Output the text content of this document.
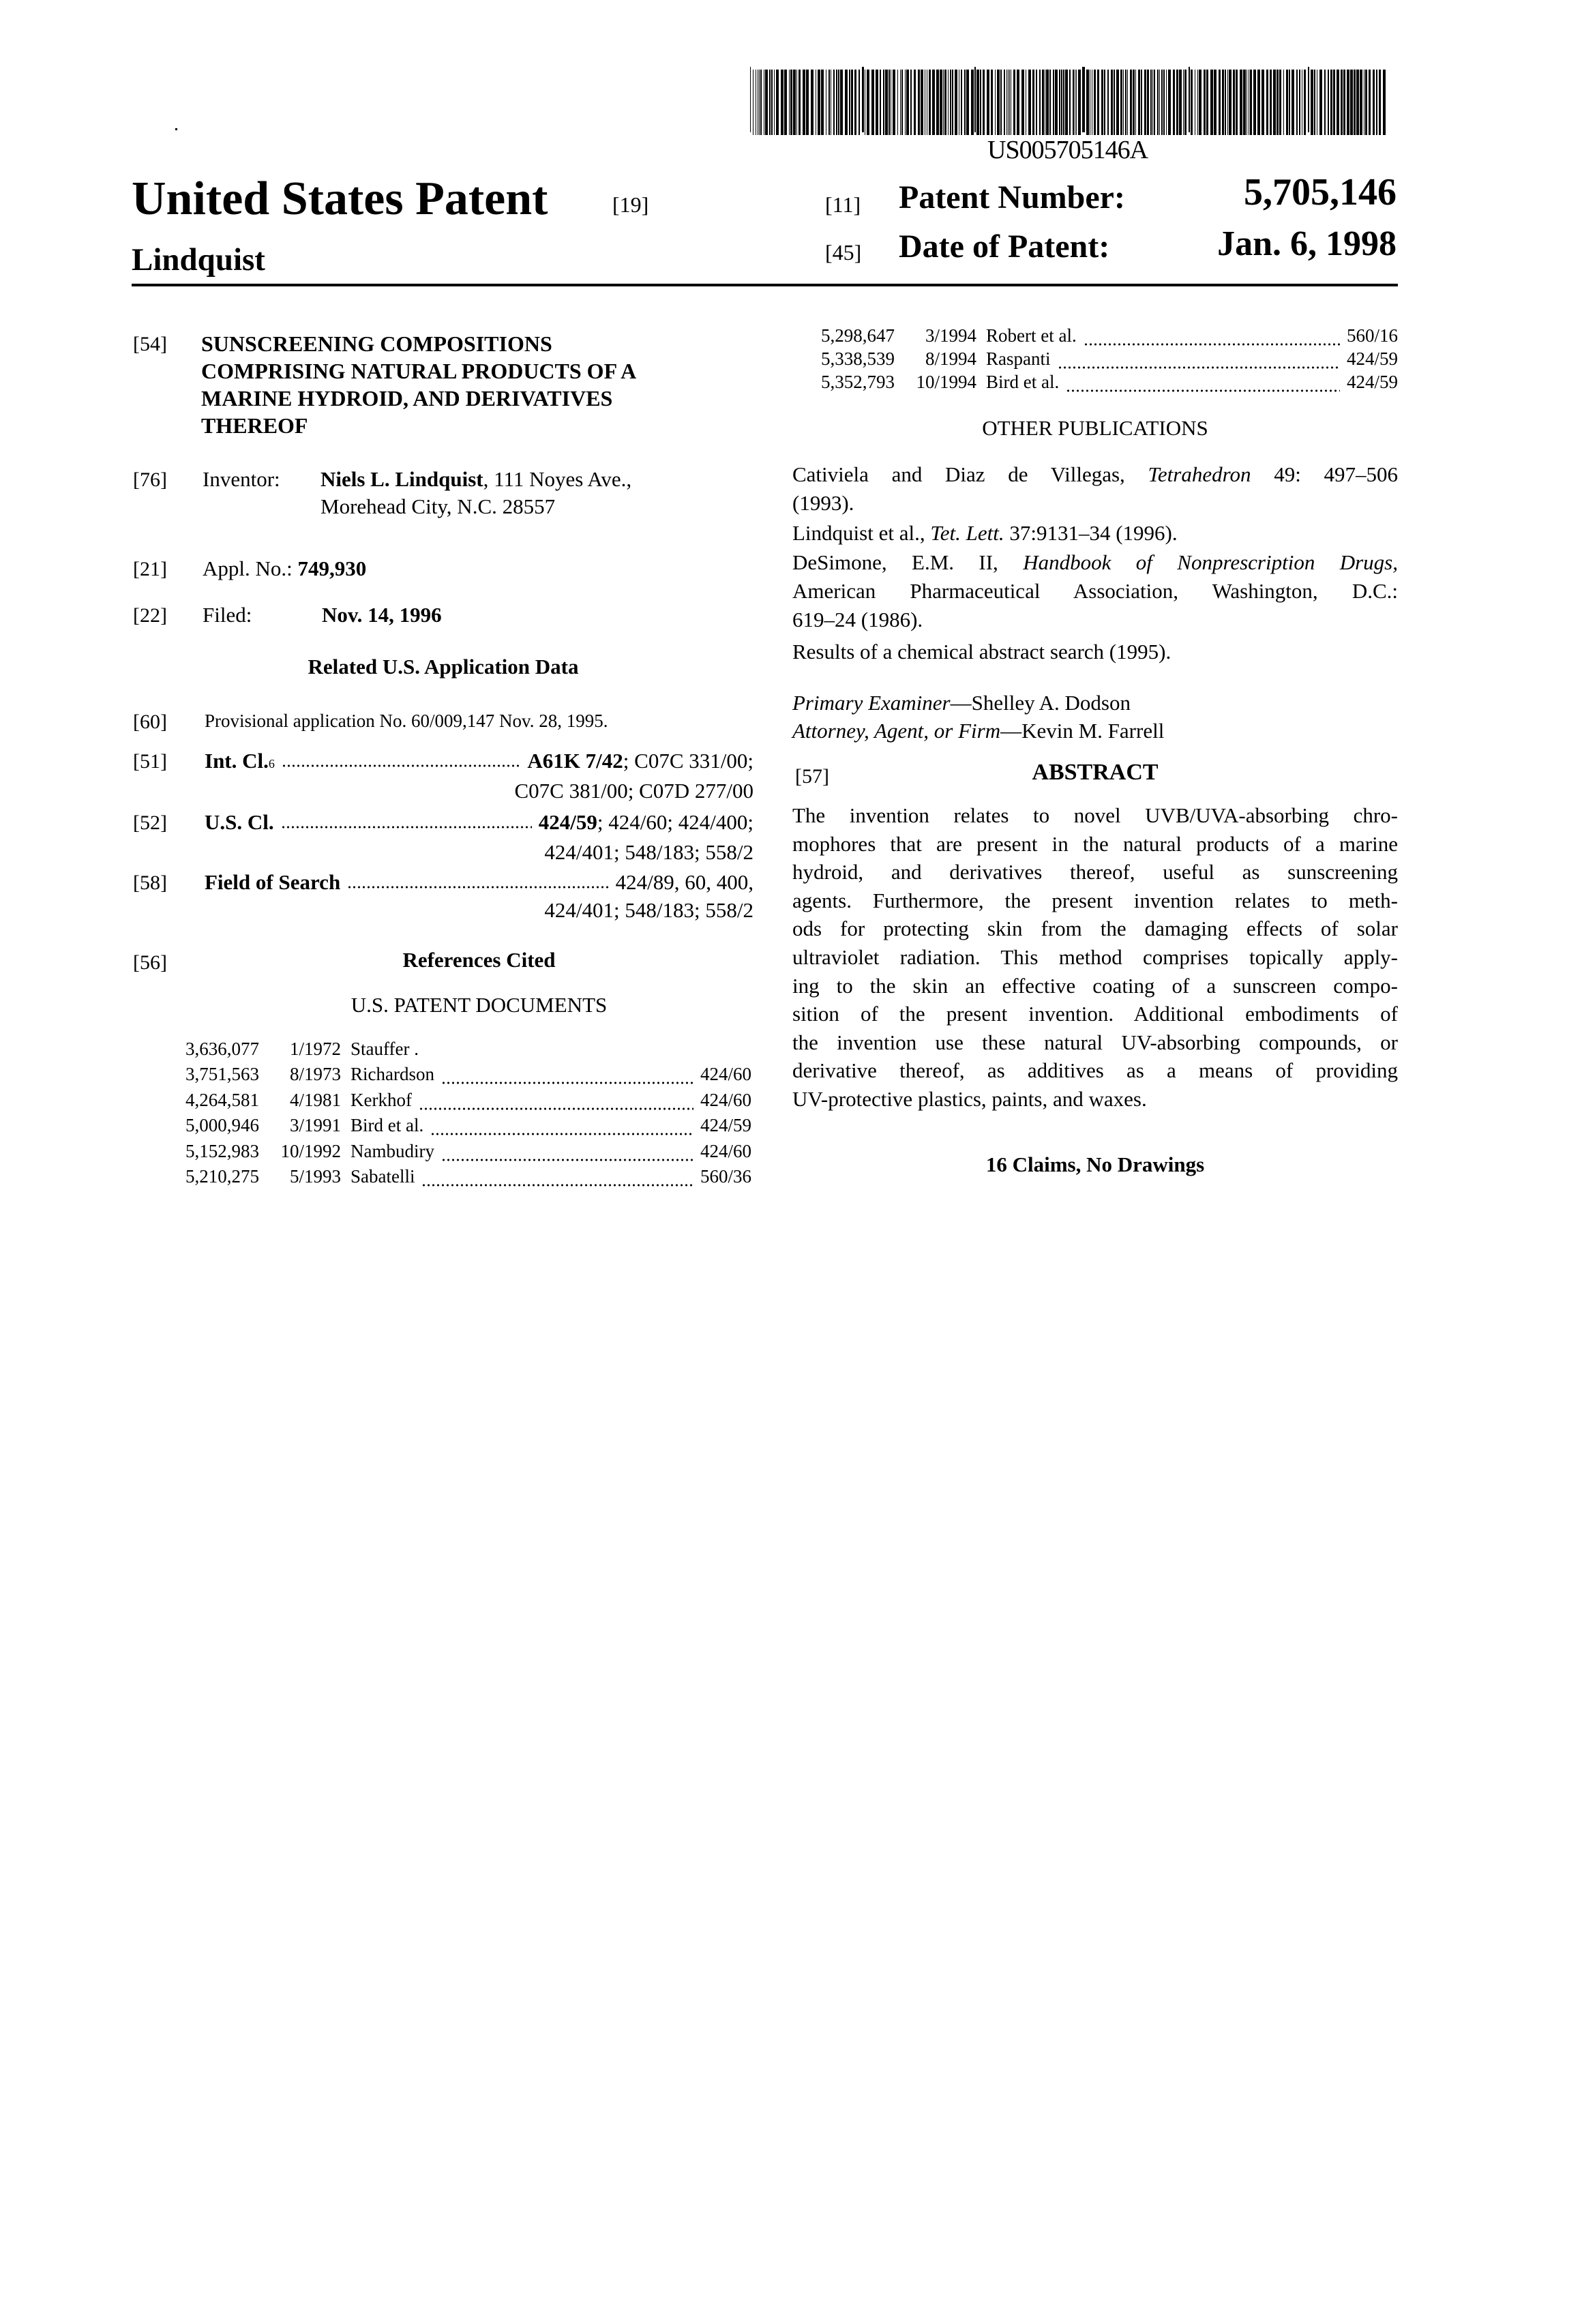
US005705146A
United States Patent	[19]
Lindquist
[11] Patent Number:	5,705,146
[45] Date of Patent:	Jan. 6, 1998
[54] SUNSCREENING COMPOSITIONS
COMPRISING NATURAL PRODUCTS OF A
MARINE HYDROID, AND DERIVATIVES
THEREOF
[76] Inventor: Niels L. Lindquist, 111 Noyes Ave.,
Morehead City, N.C. 28557
[21] Appl. No.: 749,930
[22] Filed:	Nov. 14, 1996
Related U.S. Application Data
[60] Provisional application No. 60/009,147 Nov. 28, 1995.
[51] Int. Cl. 6	A61K 7/42 ; C07C 331/00;
C07C 381/00; C07D 277/00
[52] U.S. Cl.	424/59 ; 424/60; 424/400;
424/401; 548/183; 558/2
[58] Field of Search	424/89, 60, 400,
424/401; 548/183; 558/2
[56]	References Cited
U.S. PATENT DOCUMENTS
3,636,077	1/1972 Stauffer .
3,751,563	8/1973 Richardson	424/60
4,264,581	4/1981 Kerkhof	424/60
5,000,946	3/1991 Bird et al.	424/59
5,152,983	10/1992 Nambudiry	424/60
5,210,275	5/1993 Sabatelli	560/36
5,298,647	3/1994 Robert et al.	560/16
5,338,539	8/1994 Raspanti	424/59
5,352,793	10/1994 Bird et al.	424/59
OTHER PUBLICATIONS
Cativiela and Diaz de Villegas, Tetrahedron 49: 497–506
(1993).
Lindquist et al., Tet. Lett. 37:9131–34 (1996).
DeSimone, E.M. II, Handbook of Nonprescription Drugs,
American Pharmaceutical Association, Washington, D.C.:
619–24 (1986).
Results of a chemical abstract search (1995).
Primary Examiner—Shelley A. Dodson
Attorney, Agent, or Firm—Kevin M. Farrell
[57]	ABSTRACT
The invention relates to novel UVB/UVA-absorbing chro-
mophores that are present in the natural products of a marine
hydroid, and derivatives thereof, useful as sunscreening
agents. Furthermore, the present invention relates to meth-
ods for protecting skin from the damaging effects of solar
ultraviolet radiation. This method comprises topically apply-
ing to the skin an effective coating of a sunscreen compo-
sition of the present invention. Additional embodiments of
the invention use these natural UV-absorbing compounds, or
derivative thereof, as additives as a means of providing
UV-protective plastics, paints, and waxes.
16 Claims, No Drawings
